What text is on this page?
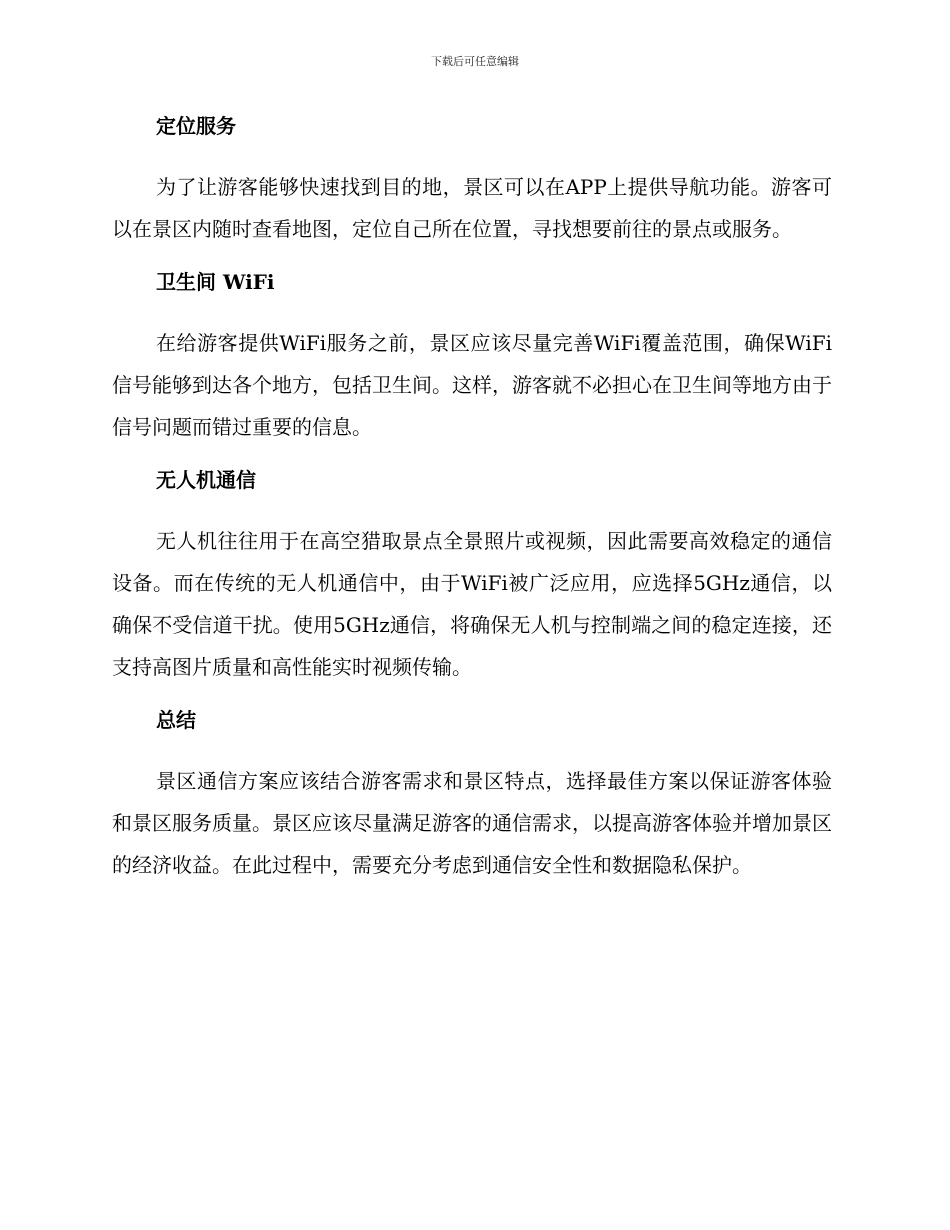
下载后可任意编辑
定位服务

为了让游客能够快速找到目的地，景区可以在APP上提供导航功能。游客可以在景区内随时查看地图，定位自己所在位置，寻找想要前往的景点或服务。

卫生间 WiFi

在给游客提供WiFi服务之前，景区应该尽量完善WiFi覆盖范围，确保WiFi信号能够到达各个地方，包括卫生间。这样，游客就不必担心在卫生间等地方由于信号问题而错过重要的信息。

无人机通信

无人机往往用于在高空猎取景点全景照片或视频，因此需要高效稳定的通信设备。而在传统的无人机通信中，由于WiFi被广泛应用，应选择5GHz通信，以确保不受信道干扰。使用5GHz通信，将确保无人机与控制端之间的稳定连接，还支持高图片质量和高性能实时视频传输。

总结

景区通信方案应该结合游客需求和景区特点，选择最佳方案以保证游客体验和景区服务质量。景区应该尽量满足游客的通信需求，以提高游客体验并增加景区的经济收益。在此过程中，需要充分考虑到通信安全性和数据隐私保护。
